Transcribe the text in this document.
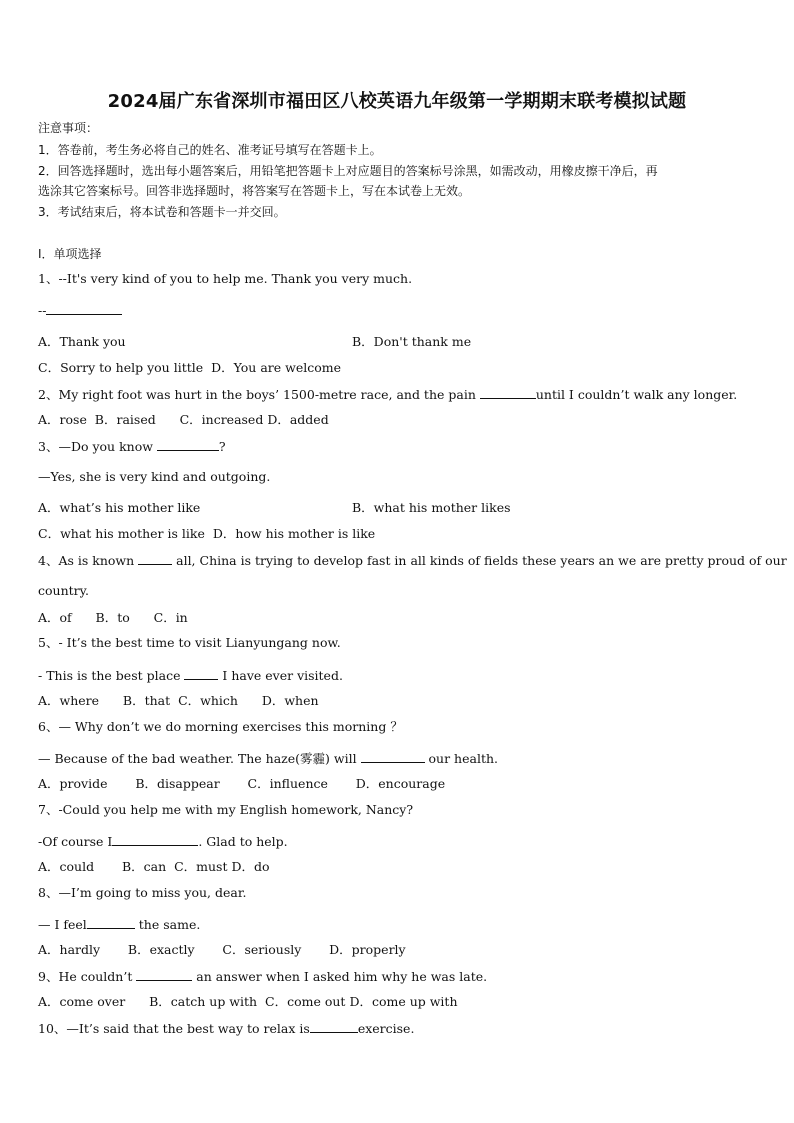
2024届广东省深圳市福田区八校英语九年级第一学期期末联考模拟试题
注意事项：
1．答卷前，考生务必将自己的姓名、准考证号填写在答题卡上。
2．回答选择题时，选出每小题答案后，用铅笔把答题卡上对应题目的答案标号涂黑，如需改动，用橡皮擦干净后，再
选涂其它答案标号。回答非选择题时，将答案写在答题卡上，写在本试卷上无效。
3．考试结束后，将本试卷和答题卡一并交回。
Ⅰ．单项选择
1、--It's very kind of you to help me. Thank you very much.
--
A．Thank you	B．Don't thank me
C．Sorry to help you little D．You are welcome
2、My right foot was hurt in the boys’ 1500-metre race, and the pain	until I couldn’t walk any longer.
A．rose B．raised C．increased D．added
3、—Do you know	?
—Yes, she is very kind and outgoing.
A．what’s his mother like	B．what his mother likes
C．what his mother is like D．how his mother is like
4、As is known	all, China is trying to develop fast in all kinds of fields these years an we are pretty proud of our
country.
A．of B．to C．in
5、- It’s the best time to visit Lianyungang now.
- This is the best place	I have ever visited.
A．where B．that C．which D．when
6、— Why don’t we do morning exercises this morning ？
— Because of the bad weather. The haze(雾霾) will	our health.
A．provide B．disappear C．influence D．encourage
7、-Could you help me with my English homework, Nancy?
-Of course I	. Glad to help.
A．could B．can C．must D．do
8、—I’m going to miss you, dear.
— I feel	the same.
A．hardly B．exactly C．seriously D．properly
9、He couldn’t	an answer when I asked him why he was late.
A．come over B．catch up with C．come out D．come up with
10、—It’s said that the best way to relax is	exercise.
